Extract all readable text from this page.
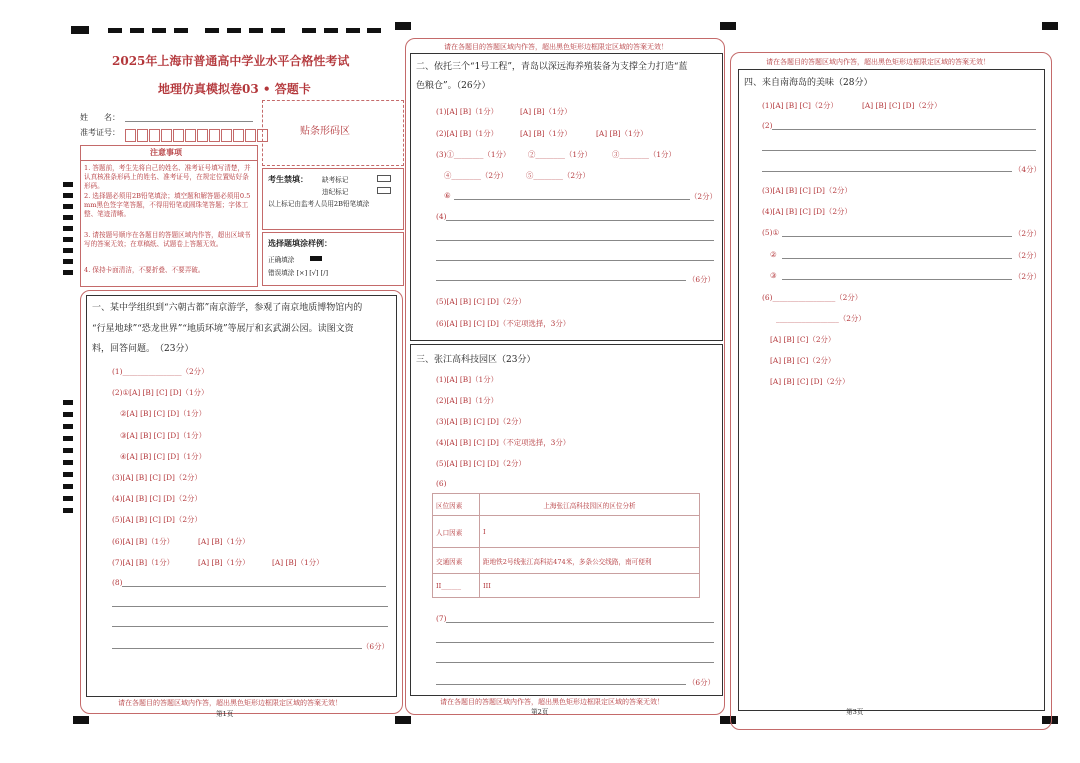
2025年上海市普通高中学业水平合格性考试
地理仿真模拟卷03 • 答题卡
姓　　名：
准考证号：	贴条形码区
注意事项
1. 答题前，考生先将自己的姓名、准考证号填写清楚，并认真核准条形码上的姓名、准考证号，在规定位置贴好条形码。
2. 选择题必须用2B铅笔填涂；填空题和解答题必须用0.5 mm黑色签字笔答题，不得用铅笔或圆珠笔答题；字体工整、笔迹清晰。
3. 请按题号顺序在各题目的答题区域内作答，超出区域书写的答案无效；在草稿纸、试题卷上答题无效。
4. 保持卡面清洁，不要折叠、不要弄破。
考生禁填： 缺考标记
违纪标记
以上标记由监考人员用2B铅笔填涂
选择题填涂样例：
正确填涂
错误填涂 [×] [√] [/]
一、某中学组织到“六朝古都”南京游学，参观了南京地质博物馆内的
“行星地球”“恐龙世界”“地质环境”等展厅和玄武湖公园。读图文资
料，回答问题。　（23分）
(1)________________（2分）
(2)①[A] [B] [C] [D]（1分）
②[A] [B] [C] [D]（1分）
③[A] [B] [C] [D]（1分）
④[A] [B] [C] [D]（1分）
(3)[A] [B] [C] [D]（2分）
(4)[A] [B] [C] [D]（2分）
(5)[A] [B] [C] [D]（2分）
(6)[A] [B]（1分）	[A] [B]（1分）
(7)[A] [B]（1分）	[A] [B]（1分）	[A] [B]（1分）
(8)
（6分）
请在各题目的答题区域内作答，超出黑色矩形边框限定区域的答案无效！
第1页
请在各题目的答题区域内作答，超出黑色矩形边框限定区域的答案无效！
二、依托三个“1号工程”，青岛以深远海养殖装备为支撑全力打造“蓝
色粮仓”。（26分）
(1)[A] [B]（1分）	[A] [B]（1分）
(2)[A] [B]（1分）	[A] [B]（1分）	[A] [B]（1分）
(3)①________（1分） ②________（1分）	③________（1分）
④________（2分） ⑤________（2分）
⑥	（2分）
(4)
（6分）
(5)[A] [B] [C] [D]（2分）
(6)[A] [B] [C] [D]（不定项选择，3分）
三、张江高科技园区（23分）
(1)[A] [B]（1分）
(2)[A] [B]（1分）
(3)[A] [B] [C] [D]（2分）
(4)[A] [B] [C] [D]（不定项选择，3分）
(5)[A] [B] [C] [D]（2分）
(6)
区位因素	上海张江高科技园区的区位分析
人口因素	I
交通因素	距地铁2号线张江高科站474米，多条公交线路，南可便利
II______	III
(7)
（6分）
请在各题目的答题区域内作答，超出黑色矩形边框限定区域的答案无效！
第2页
请在各题目的答题区域内作答，超出黑色矩形边框限定区域的答案无效！
四、来自南海岛的美味（28分）
(1)[A] [B] [C]（2分）	[A] [B] [C] [D]（2分）
(2)
（4分）
(3)[A] [B] [C] [D]（2分）
(4)[A] [B] [C] [D]（2分）
(5)①	（2分）
②	（2分）
③	（2分）
(6)_________________（2分）
_________________（2分）
[A] [B] [C]（2分）
[A] [B] [C]（2分）
[A] [B] [C] [D]（2分）
第3页
